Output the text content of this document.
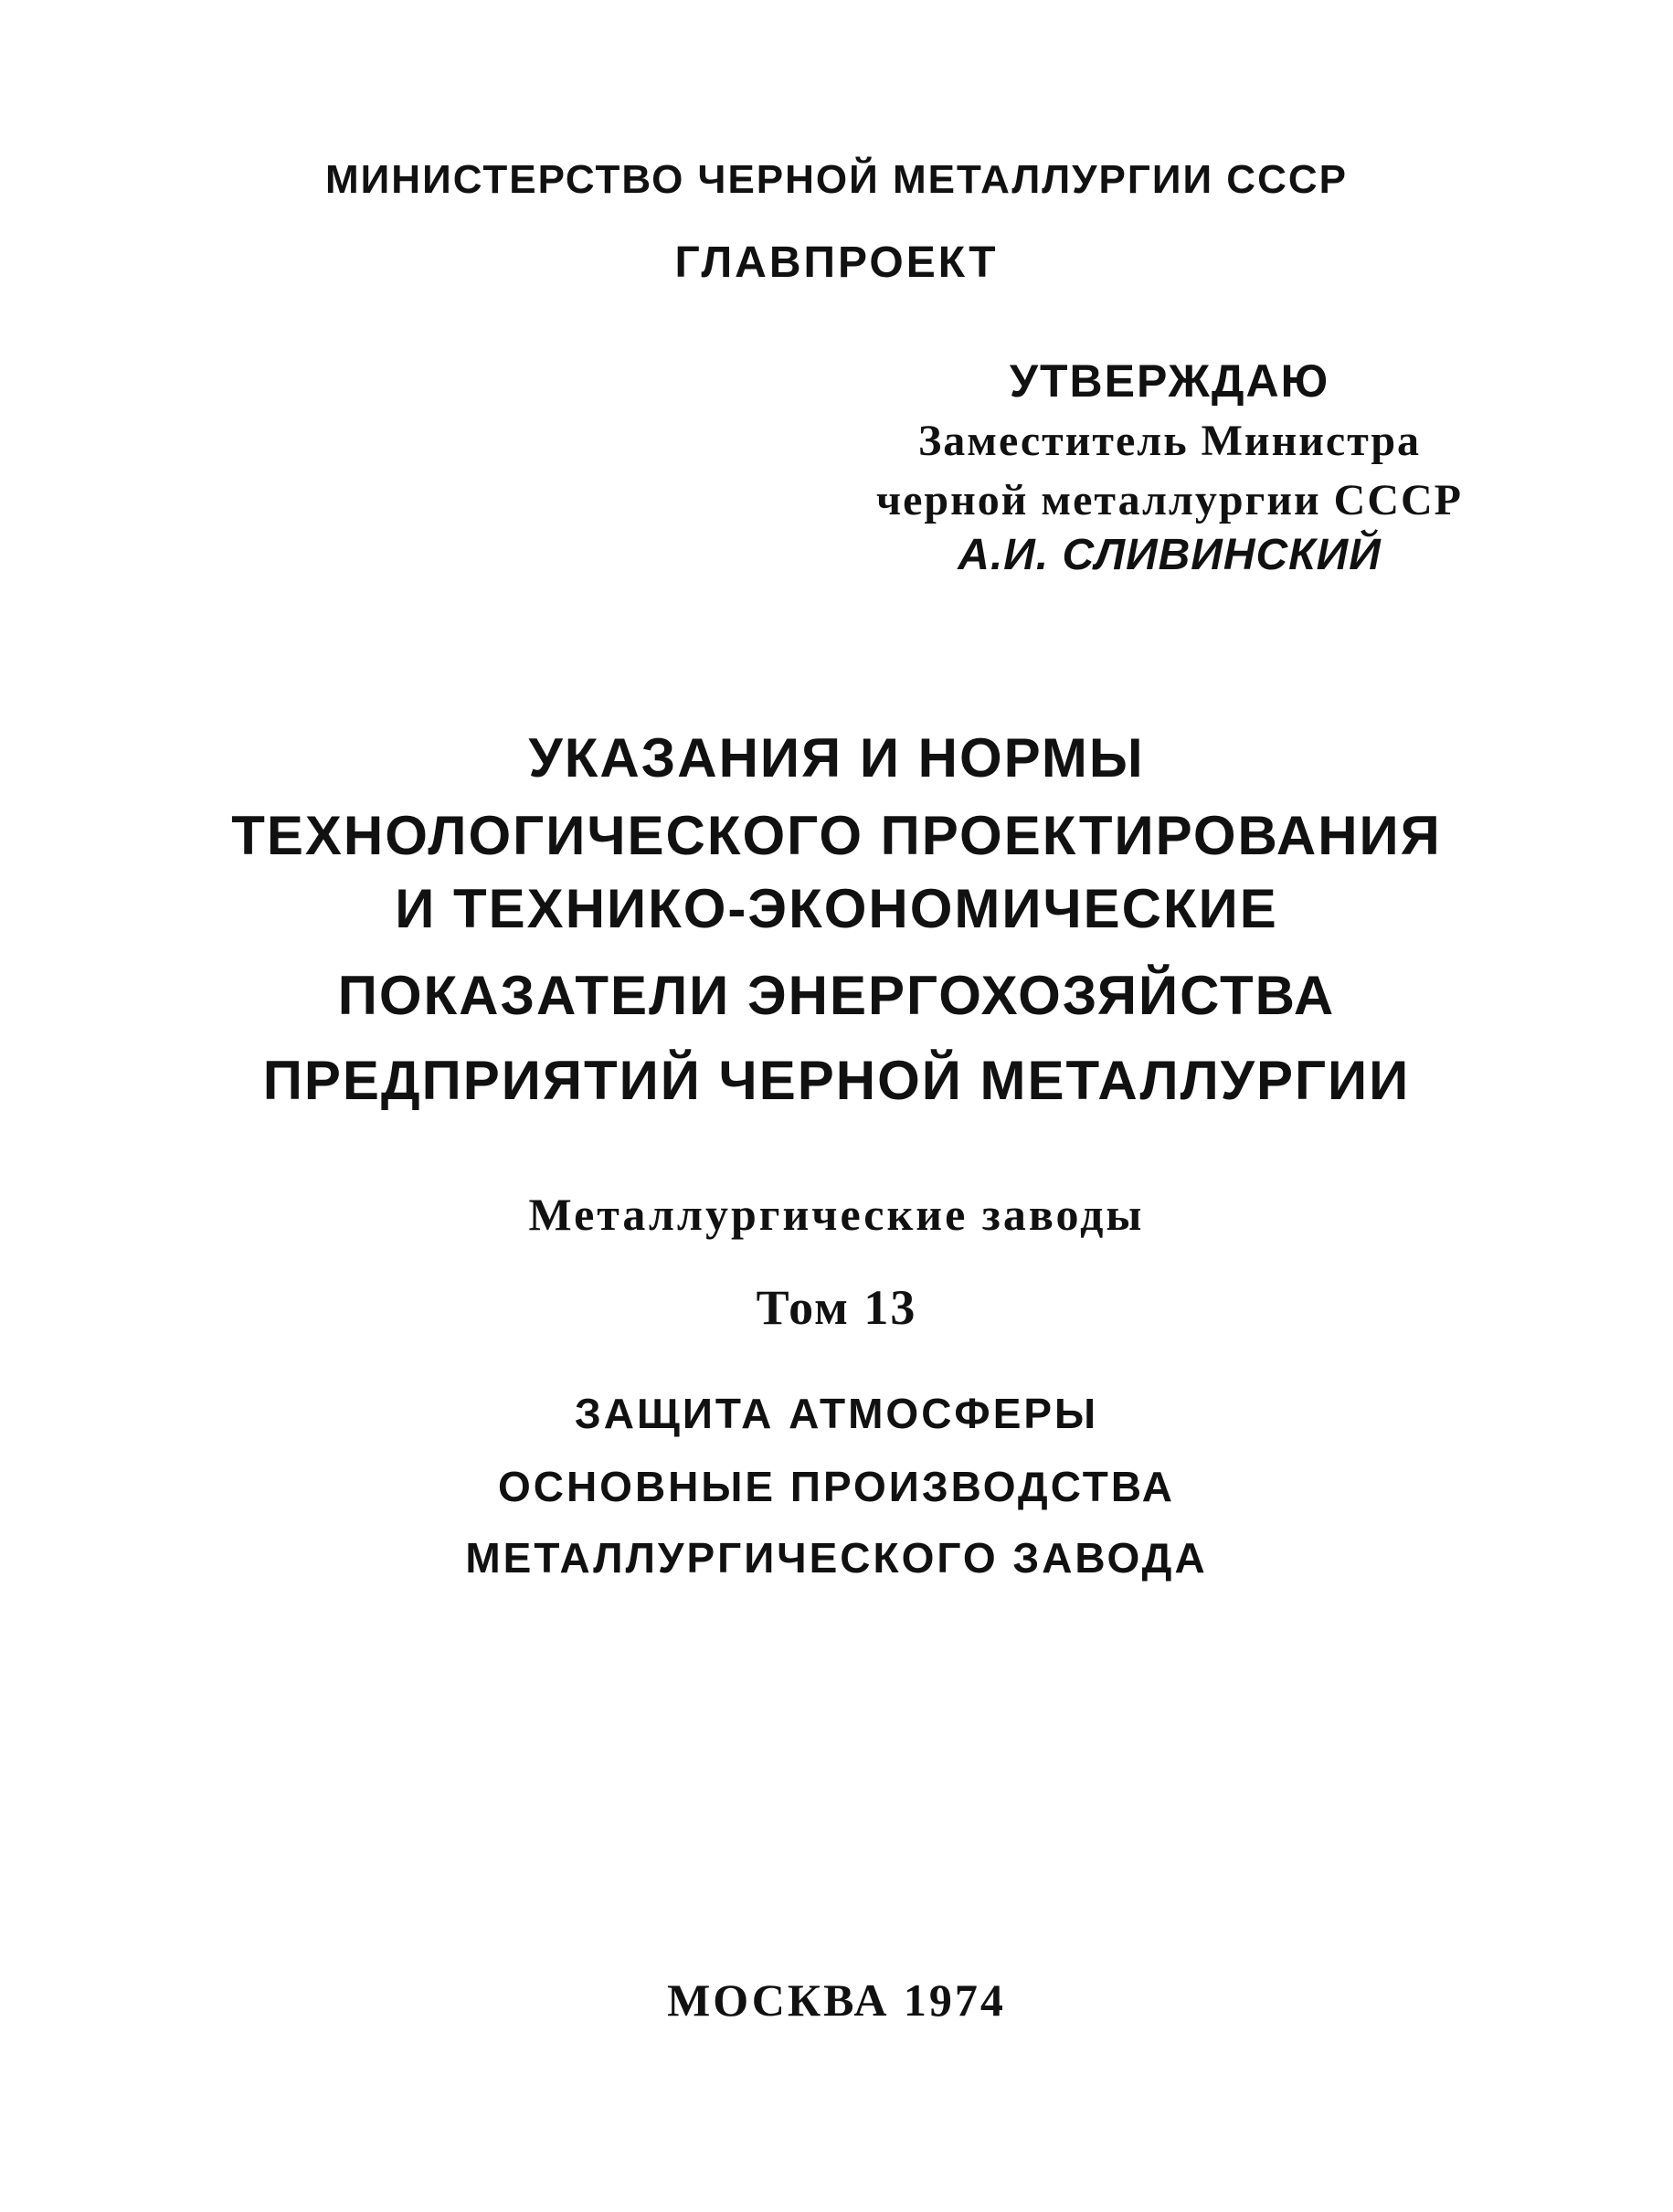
МИНИСТЕРСТВО ЧЕРНОЙ МЕТАЛЛУРГИИ СССР
ГЛАВПРОЕКТ
УТВЕРЖДАЮ
Заместитель Министра
черной металлургии СССР
А.И. СЛИВИНСКИЙ
УКАЗАНИЯ И НОРМЫ
ТЕХНОЛОГИЧЕСКОГО ПРОЕКТИРОВАНИЯ
И ТЕХНИКО-ЭКОНОМИЧЕСКИЕ
ПОКАЗАТЕЛИ ЭНЕРГОХОЗЯЙСТВА
ПРЕДПРИЯТИЙ ЧЕРНОЙ МЕТАЛЛУРГИИ
Металлургические заводы
Том 13
ЗАЩИТА АТМОСФЕРЫ
ОСНОВНЫЕ ПРОИЗВОДСТВА
МЕТАЛЛУРГИЧЕСКОГО ЗАВОДА
МОСКВА 1974
